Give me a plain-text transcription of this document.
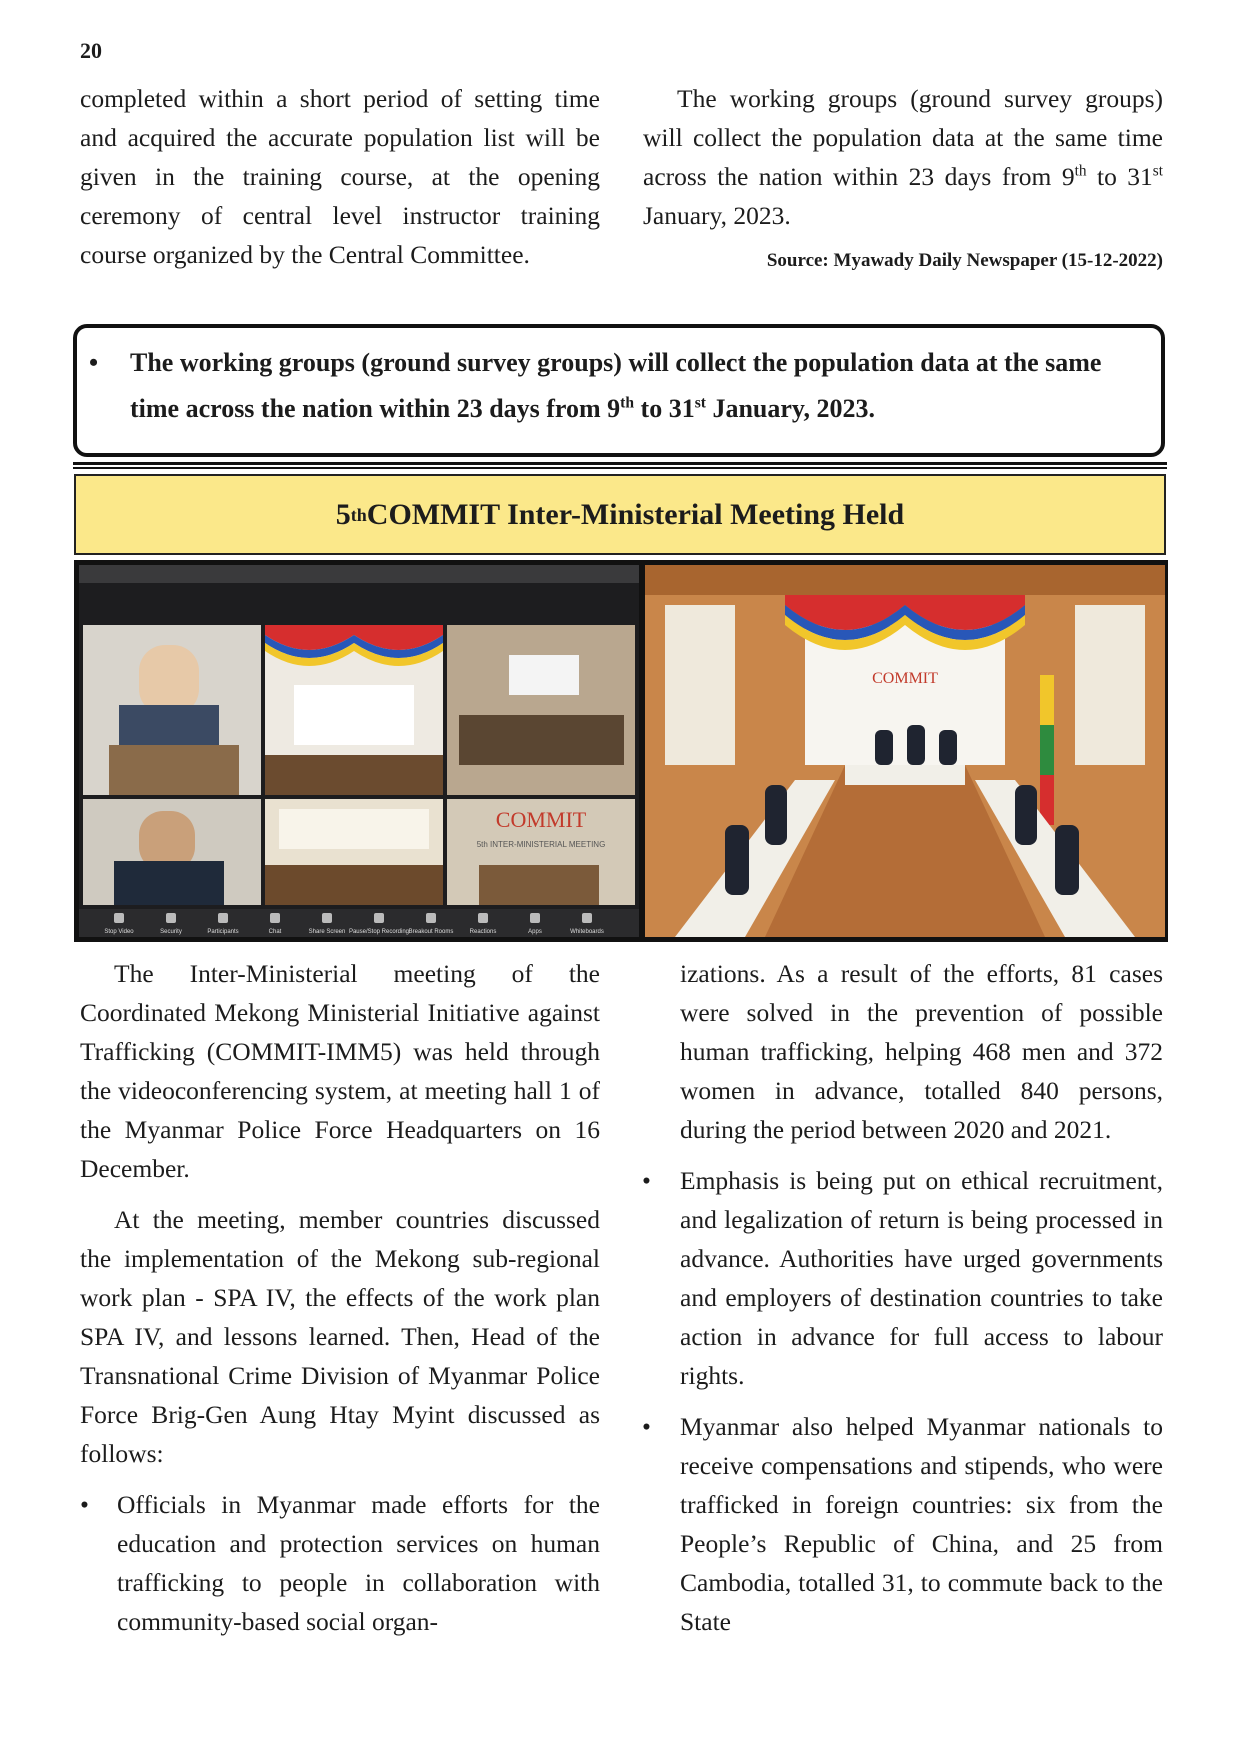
20

completed within a short period of setting time and acquired the accurate population list will be given in the training course, at the opening ceremony of central level instructor training course organized by the Central Committee.

The working groups (ground survey groups) will collect the population data at the same time across the nation within 23 days from 9th to 31st January, 2023.

Source: Myawady Daily Newspaper (15-12-2022)

• The working groups (ground survey groups) will collect the population data at the same time across the nation within 23 days from 9th to 31st January, 2023.
5 th COMMIT Inter-Ministerial Meeting Held
COMMIT
5th INTER-MINISTERIAL MEETING
Stop Video	Security	Participants	Chat	Share Screen Pause/Stop Recording Breakout Rooms	Reactions	Apps	Whiteboards
COMMIT

The Inter-Ministerial meeting of the Coordinated Mekong Ministerial Initiative against Trafficking (COMMIT-IMM5) was held through the videoconferencing system, at meeting hall 1 of the Myanmar Police Force Headquarters on 16 December.

At the meeting, member countries discussed the implementation of the Mekong sub-regional work plan - SPA IV, the effects of the work plan SPA IV, and lessons learned. Then, Head of the Transnational Crime Division of Myanmar Police Force Brig-Gen Aung Htay Myint discussed as follows:

• Officials in Myanmar made efforts for the education and protection services on human trafficking to people in collaboration with community-based social organ-

izations. As a result of the efforts, 81 cases were solved in the prevention of possible human trafficking, helping 468 men and 372 women in advance, totalled 840 persons, during the period between 2020 and 2021.

• Emphasis is being put on ethical recruitment, and legalization of return is being processed in advance. Authorities have urged governments and employers of destination countries to take action in advance for full access to labour rights.

• Myanmar also helped Myanmar nationals to receive compensations and stipends, who were trafficked in foreign countries: six from the People’s Republic of China, and 25 from Cambodia, totalled 31, to commute back to the State
